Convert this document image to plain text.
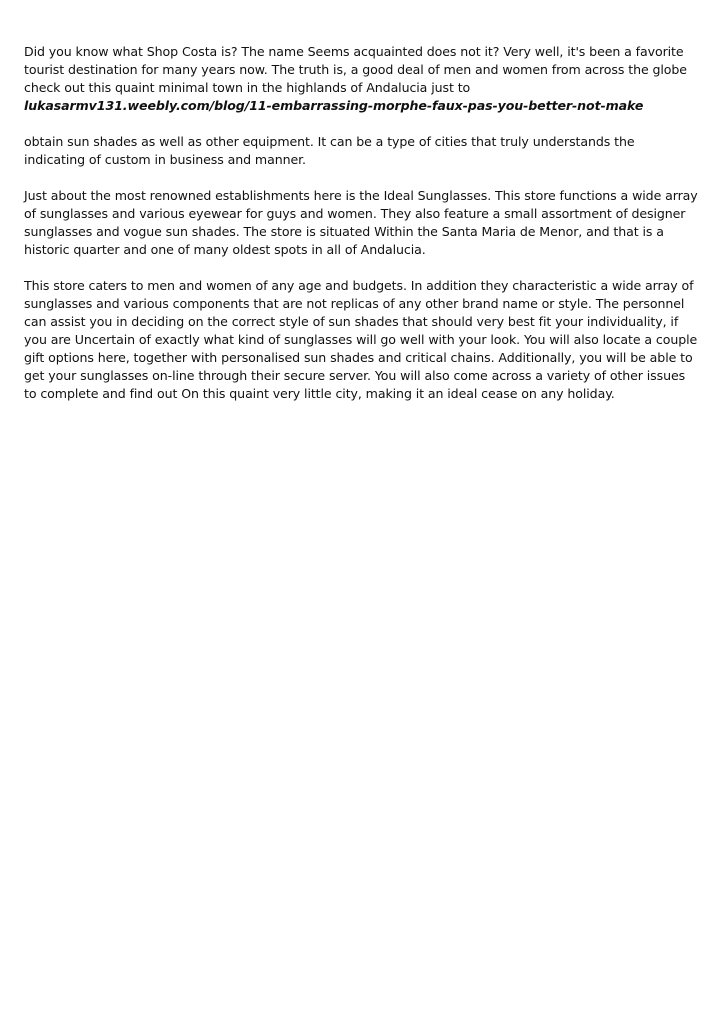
Did you know what Shop Costa is? The name Seems acquainted does not it? Very well, it's been a favorite tourist destination for many years now. The truth is, a good deal of men and women from across the globe check out this quaint minimal town in the highlands of Andalucia just to lukasarmv131.weebly.com/blog/11-embarrassing-morphe-faux-pas-you-better-not-make

obtain sun shades as well as other equipment. It can be a type of cities that truly understands the indicating of custom in business and manner.

Just about the most renowned establishments here is the Ideal Sunglasses. This store functions a wide array of sunglasses and various eyewear for guys and women. They also feature a small assortment of designer sunglasses and vogue sun shades. The store is situated Within the Santa Maria de Menor, and that is a historic quarter and one of many oldest spots in all of Andalucia.

This store caters to men and women of any age and budgets. In addition they characteristic a wide array of sunglasses and various components that are not replicas of any other brand name or style. The personnel can assist you in deciding on the correct style of sun shades that should very best fit your individuality, if you are Uncertain of exactly what kind of sunglasses will go well with your look. You will also locate a couple gift options here, together with personalised sun shades and critical chains. Additionally, you will be able to get your sunglasses on-line through their secure server. You will also come across a variety of other issues to complete and find out On this quaint very little city, making it an ideal cease on any holiday.
